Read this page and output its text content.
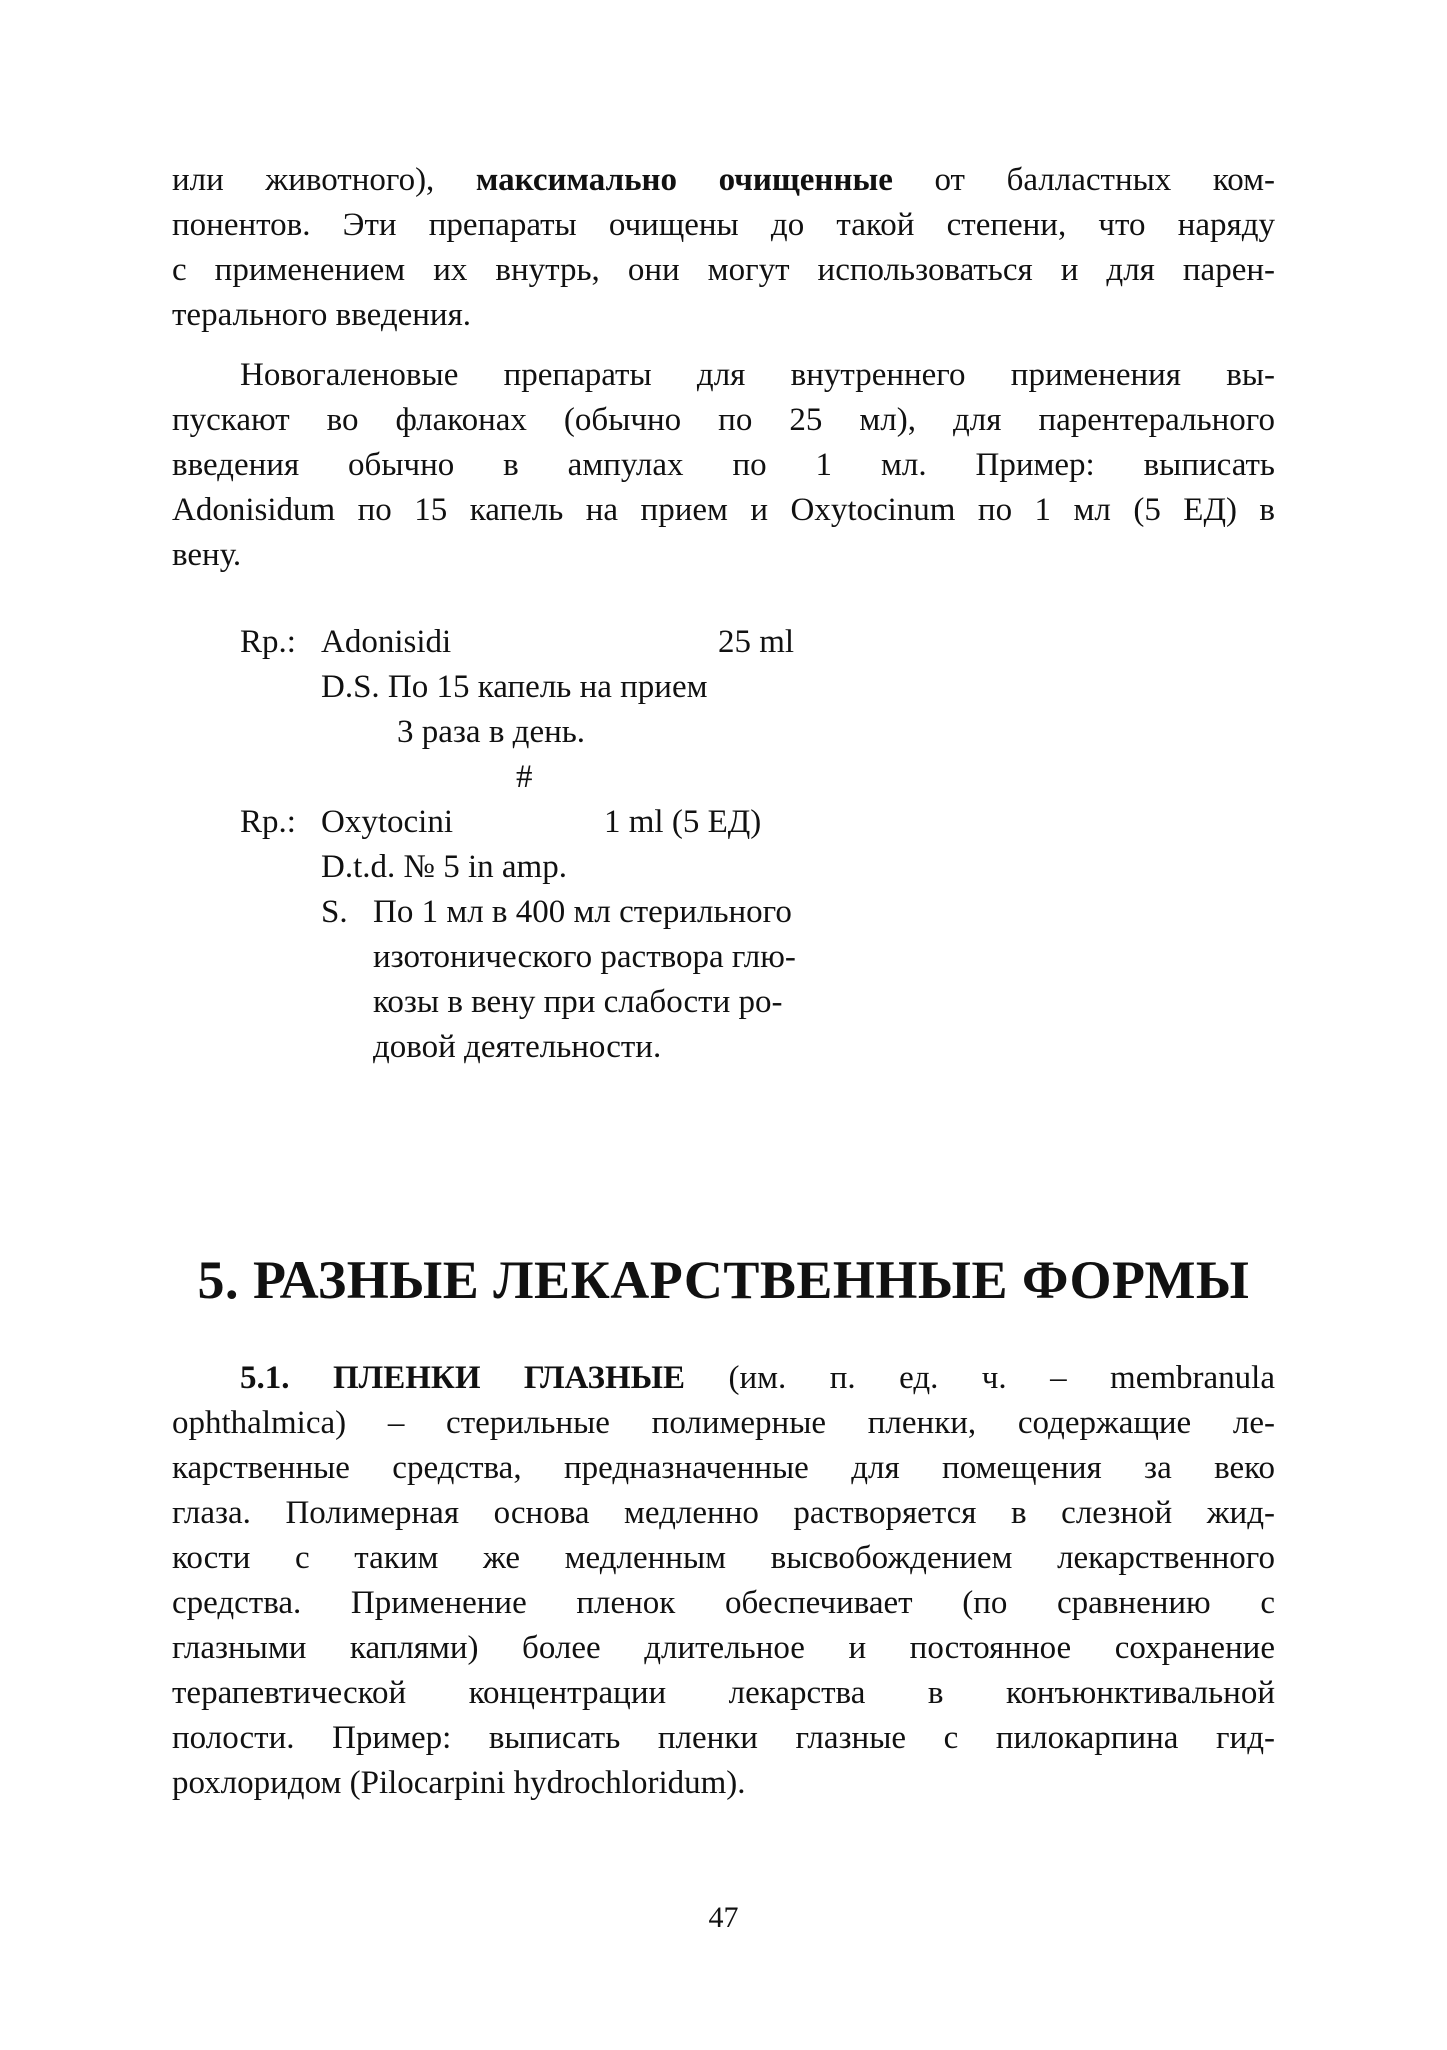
или животного), максимально очищенные от балластных ком-
понентов. Эти препараты очищены до такой степени, что наряду
с применением их внутрь, они могут использоваться и для парен-
терального введения.
Новогаленовые препараты для внутреннего применения вы-
пускают во флаконах (обычно по 25 мл), для парентерального
введения обычно в ампулах по 1 мл. Пример: выписать
Adonisidum по 15 капель на прием и Oxytocinum по 1 мл (5 ЕД) в
вену.
Rp.: Adonisidi	25 ml
D.S. По 15 капель на прием
3 раза в день.
#
Rp.: Oxytocini	1 ml (5 ЕД)
D.t.d. № 5 in amp.
S. По 1 мл в 400 мл стерильного
изотонического раствора глю-
козы в вену при слабости ро-
довой деятельности.
5. РАЗНЫЕ ЛЕКАРСТВЕННЫЕ ФОРМЫ
5.1. ПЛЕНКИ ГЛАЗНЫЕ (им. п. ед. ч. – membranula
ophthalmica) – стерильные полимерные пленки, содержащие ле-
карственные средства, предназначенные для помещения за веко
глаза. Полимерная основа медленно растворяется в слезной жид-
кости с таким же медленным высвобождением лекарственного
средства. Применение пленок обеспечивает (по сравнению с
глазными каплями) более длительное и постоянное сохранение
терапевтической концентрации лекарства в конъюнктивальной
полости. Пример: выписать пленки глазные с пилокарпина гид-
рохлоридом (Pilocarpini hydrochloridum).
47
